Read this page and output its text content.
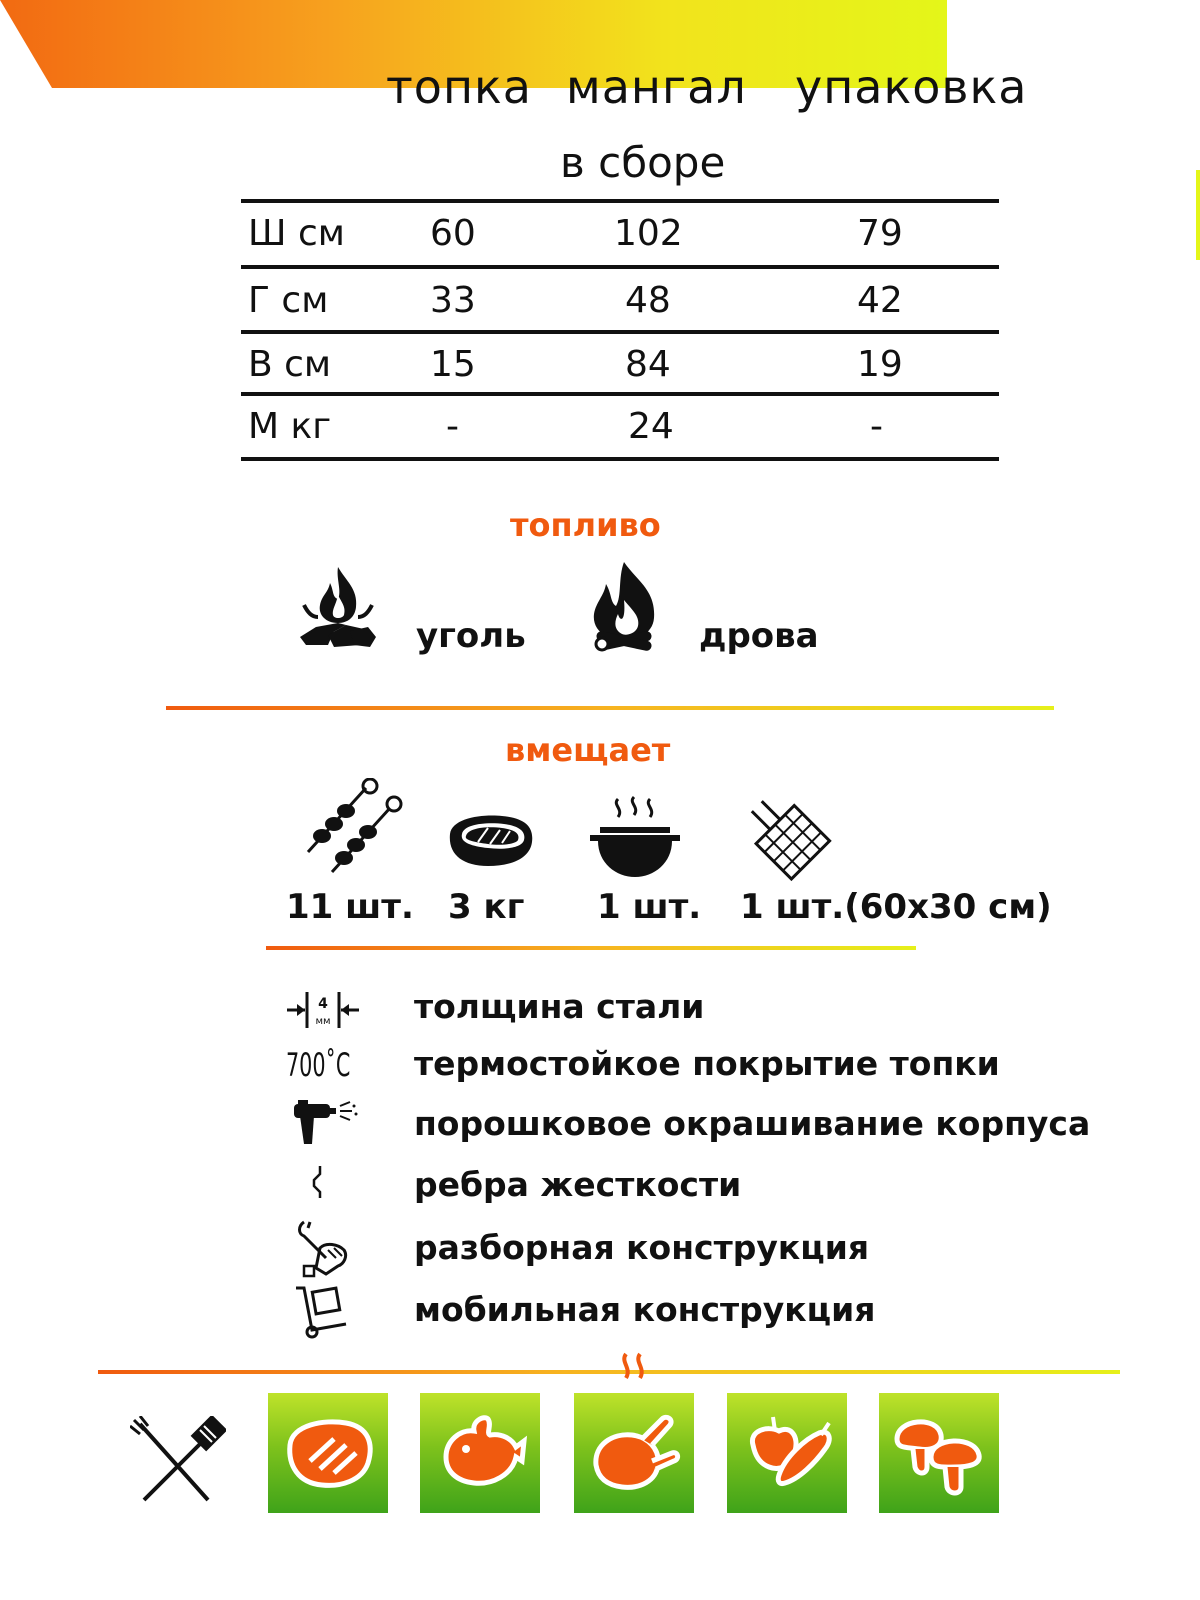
топка мангал упаковка
в сборе
Ш см 60	102	79
Г см	33	48	42
В см	15	84	19
М кг	-	24	-
топливо
уголь	дрова
вмещает
11 шт. 3 кг 1 шт. 1 шт.(60х30 см)
4
мм	толщина стали
700˚С термостойкое покрытие топки
порошковое окрашивание корпуса
ребра жесткости
разборная конструкция
мобильная конструкция
